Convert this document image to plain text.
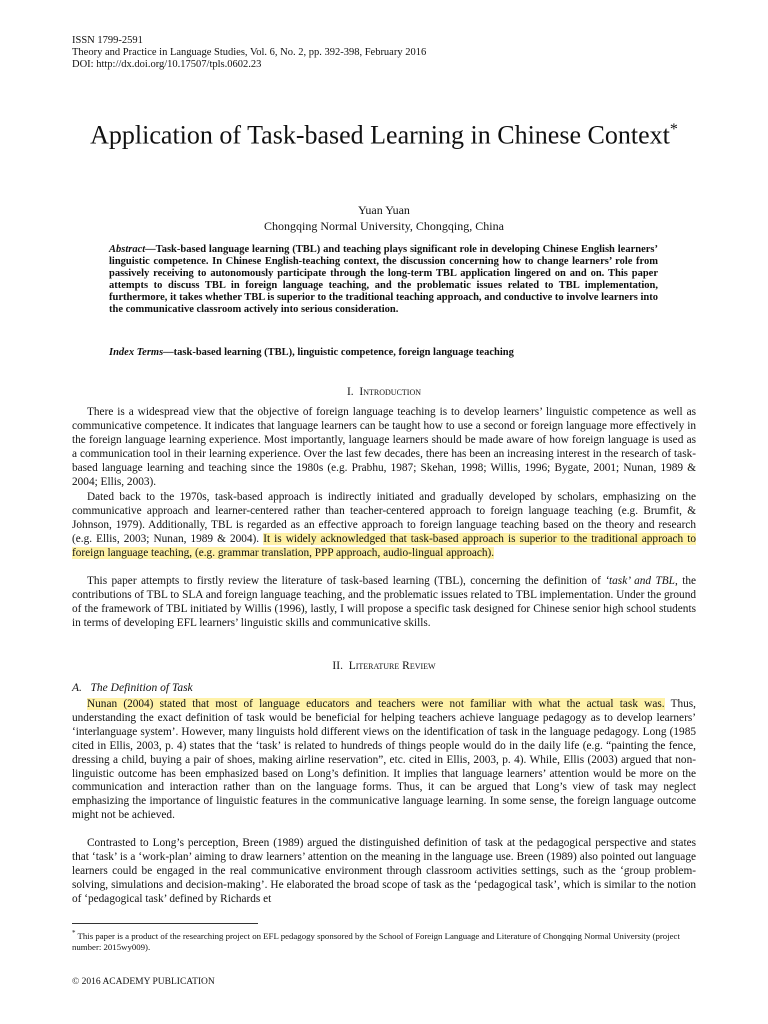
ISSN 1799-2591
Theory and Practice in Language Studies, Vol. 6, No. 2, pp. 392-398, February 2016
DOI: http://dx.doi.org/10.17507/tpls.0602.23
Application of Task-based Learning in Chinese Context*
Yuan Yuan
Chongqing Normal University, Chongqing, China

Abstract—Task-based language learning (TBL) and teaching plays significant role in developing Chinese English learners’ linguistic competence. In Chinese English-teaching context, the discussion concerning how to change learners’ role from passively receiving to autonomously participate through the long-term TBL application lingered on and on. This paper attempts to discuss TBL in foreign language teaching, and the problematic issues related to TBL implementation, furthermore, it takes whether TBL is superior to the traditional teaching approach, and conductive to involve learners into the communicative classroom actively into serious consideration.

Index Terms—task-based learning (TBL), linguistic competence, foreign language teaching

I. Introduction

There is a widespread view that the objective of foreign language teaching is to develop learners’ linguistic competence as well as communicative competence. It indicates that language learners can be taught how to use a second or foreign language more effectively in the foreign language learning experience. Most importantly, language learners should be made aware of how foreign language is used as a communication tool in their learning experience. Over the last few decades, there has been an increasing interest in the research of task-based language learning and teaching since the 1980s (e.g. Prabhu, 1987; Skehan, 1998; Willis, 1996; Bygate, 2001; Nunan, 1989 & 2004; Ellis, 2003).

Dated back to the 1970s, task-based approach is indirectly initiated and gradually developed by scholars, emphasizing on the communicative approach and learner-centered rather than teacher-centered approach to foreign language teaching (e.g. Brumfit, & Johnson, 1979). Additionally, TBL is regarded as an effective approach to foreign language teaching based on the theory and research (e.g. Ellis, 2003; Nunan, 1989 & 2004). It is widely acknowledged that task-based approach is superior to the traditional approach to foreign language teaching, (e.g. grammar translation, PPP approach, audio-lingual approach).

This paper attempts to firstly review the literature of task-based learning (TBL), concerning the definition of ‘task’ and TBL, the contributions of TBL to SLA and foreign language teaching, and the problematic issues related to TBL implementation. Under the ground of the framework of TBL initiated by Willis (1996), lastly, I will propose a specific task designed for Chinese senior high school students in terms of developing EFL learners’ linguistic skills and communicative skills.

II. Literature Review
A. The Definition of Task

Nunan (2004) stated that most of language educators and teachers were not familiar with what the actual task was. Thus, understanding the exact definition of task would be beneficial for helping teachers achieve language pedagogy as to develop learners’ ‘interlanguage system’. However, many linguists hold different views on the identification of task in the language pedagogy. Long (1985 cited in Ellis, 2003, p. 4) states that the ‘task’ is related to hundreds of things people would do in the daily life (e.g. “painting the fence, dressing a child, buying a pair of shoes, making airline reservation”, etc. cited in Ellis, 2003, p. 4). While, Ellis (2003) argued that non-linguistic outcome has been emphasized based on Long’s definition. It implies that language learners’ attention would be more on the communication and interaction rather than on the language forms. Thus, it can be argued that Long’s view of task may neglect emphasizing the importance of linguistic features in the communicative language learning. In some sense, the foreign language outcome might not be achieved.

Contrasted to Long’s perception, Breen (1989) argued the distinguished definition of task at the pedagogical perspective and states that ‘task’ is a ‘work-plan’ aiming to draw learners’ attention on the meaning in the language use. Breen (1989) also pointed out language learners could be engaged in the real communicative environment through classroom activities settings, such as the ‘group problem-solving, simulations and decision-making’. He elaborated the broad scope of task as the ‘pedagogical task’, which is similar to the notion of ‘pedagogical task’ defined by Richards et

* This paper is a product of the researching project on EFL pedagogy sponsored by the School of Foreign Language and Literature of Chongqing Normal University (project number: 2015wy009).

© 2016 ACADEMY PUBLICATION
